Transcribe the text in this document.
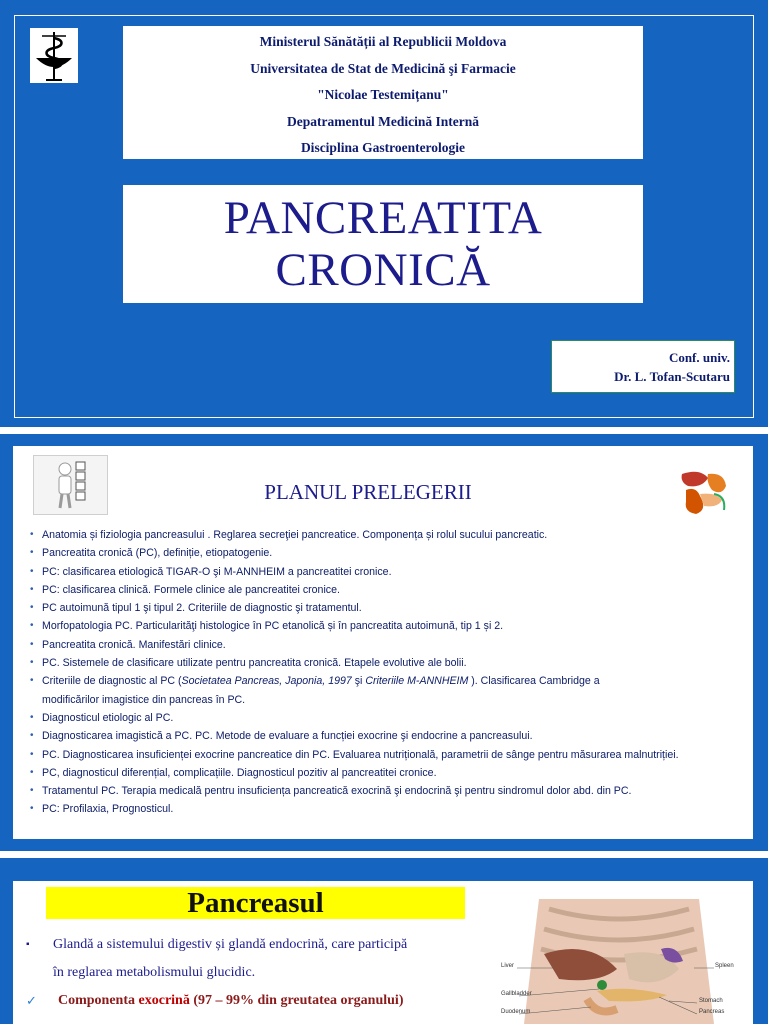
Ministerul Sănătății al Republicii Moldova
Universitatea de Stat de Medicină şi Farmacie
"Nicolae Testemițanu"
Depatramentul Medicină Internă
Disciplina Gastroenterologie
PANCREATITA
CRONICĂ
Conf. univ.
Dr. L. Tofan-Scutaru
PLANUL PRELEGERII
• Anatomia și fiziologia pancreasului . Reglarea secreţiei pancreatice. Componența și rolul sucului pancreatic.
• Pancreatita cronică (PC), definiție, etiopatogenie.
• PC: clasificarea etiologică TIGAR-O şi M-ANNHEIM a pancreatitei cronice.
• PC: clasificarea clinică. Formele clinice ale pancreatitei cronice.
• PC autoimună tipul 1 şi tipul 2. Criteriile de diagnostic şi tratamentul.
• Morfopatologia PC. Particularităţi histologice în PC etanolică și în pancreatita autoimună, tip 1 și 2.
• Pancreatita cronică. Manifestări clinice.
• PC. Sistemele de clasificare utilizate pentru pancreatita cronică. Etapele evolutive ale bolii.
• Criteriile de diagnostic al PC (Societatea Pancreas, Japonia, 1997 şi Criteriile M-ANNHEIM ). Clasificarea Cambridge a
modificărilor imagistice din pancreas în PC.
• Diagnosticul etiologic al PC.
• Diagnosticarea imagistică a PC. PC. Metode de evaluare a funcției exocrine şi endocrine a pancreasului.
• PC. Diagnosticarea insuficienței exocrine pancreatice din PC. Evaluarea nutrițională, parametrii de sânge pentru măsurarea malnutriției.
• PC, diagnosticul diferențial, complicațiile. Diagnosticul pozitiv al pancreatitei cronice.
• Tratamentul PC. Terapia medicală pentru insuficiența pancreatică exocrină şi endocrină şi pentru sindromul dolor abd. din PC.
• PC: Profilaxia, Prognosticul.
Pancreasul
▪ Glandă a sistemului digestiv și glandă endocrină, care participă
în reglarea metabolismului glucidic.
✓ Componenta exocrină (97 – 99% din greutatea organului)
Liver	Spleen
Gallbladder
Stomach
Duodenum	Pancreas
